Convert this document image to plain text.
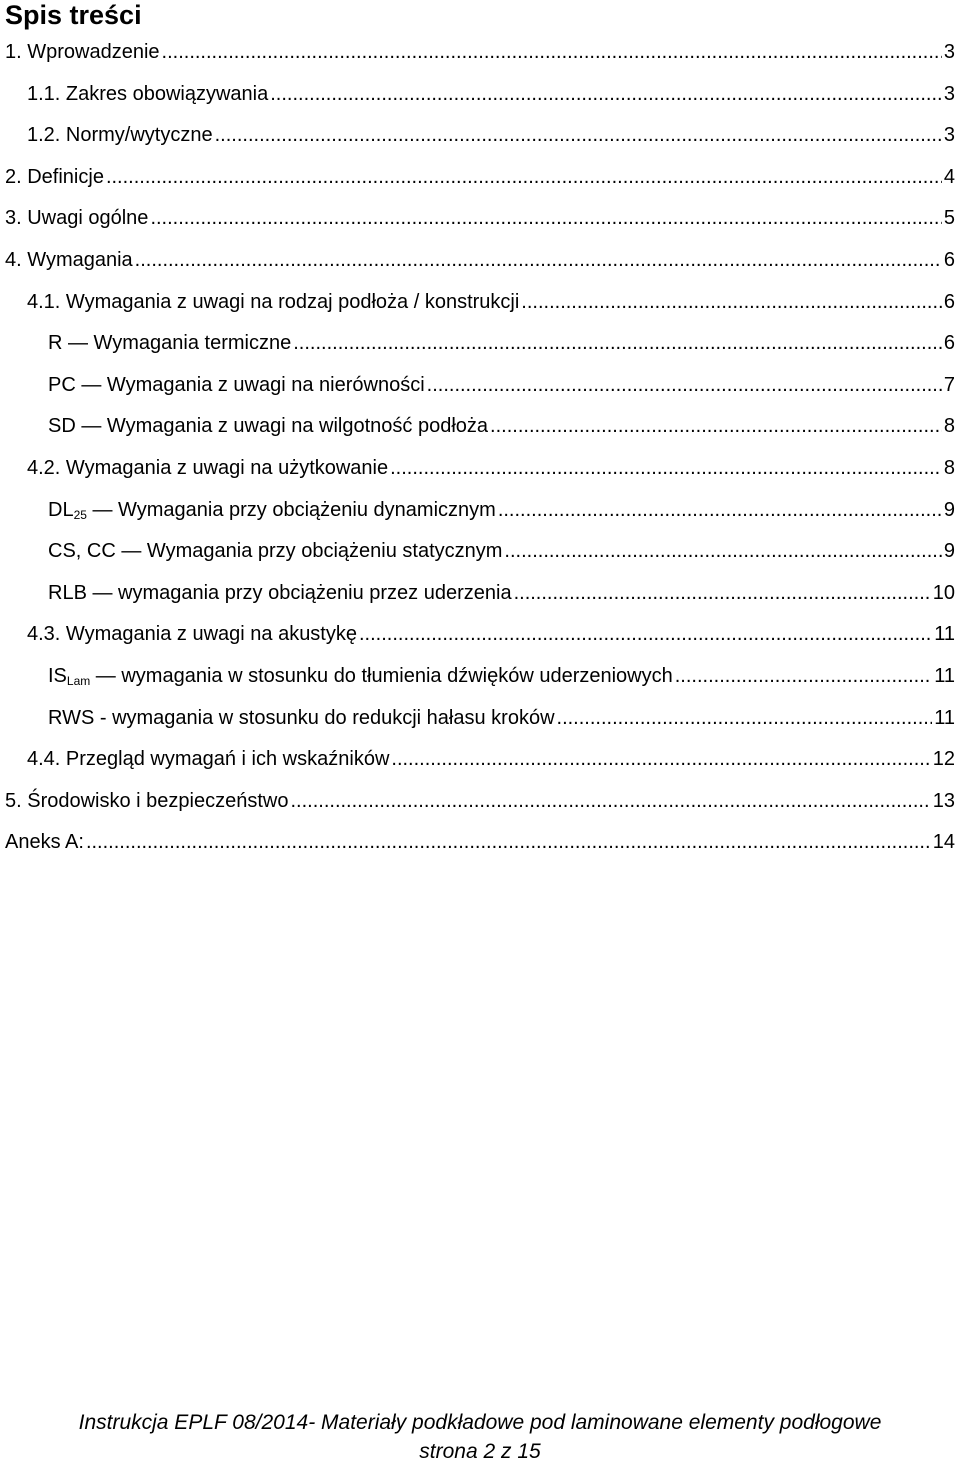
Spis treści
1. Wprowadzenie .....	3
1.1. Zakres obowiązywania .....	3
1.2. Normy/wytyczne .....	3
2. Definicje .....	4
3. Uwagi ogólne .....	5
4. Wymagania .....	6
4.1. Wymagania z uwagi na rodzaj podłoża / konstrukcji .....	6
R — Wymagania termiczne .....	6
PC — Wymagania z uwagi na nierówności .....	7
SD — Wymagania z uwagi na wilgotność podłoża .....	8
4.2. Wymagania z uwagi na użytkowanie .....	8
$DL_{25}$ — Wymagania przy obciążeniu dynamicznym .....	9
CS, CC — Wymagania przy obciążeniu statycznym .....	9
RLB — wymagania przy obciążeniu przez uderzenia .....	10
4.3. Wymagania z uwagi na akustykę .....	11
$IS_{Lam}$ — wymagania w stosunku do tłumienia dźwięków uderzeniowych .....	11
RWS - wymagania w stosunku do redukcji hałasu kroków .....	11
4.4. Przegląd wymagań i ich wskaźników .....	12
5. Środowisko i bezpieczeństwo .....	13
Aneks A: .....	14
Instrukcja EPLF 08/2014- Materiały podkładowe pod laminowane elementy podłogowe
strona 2 z 15
